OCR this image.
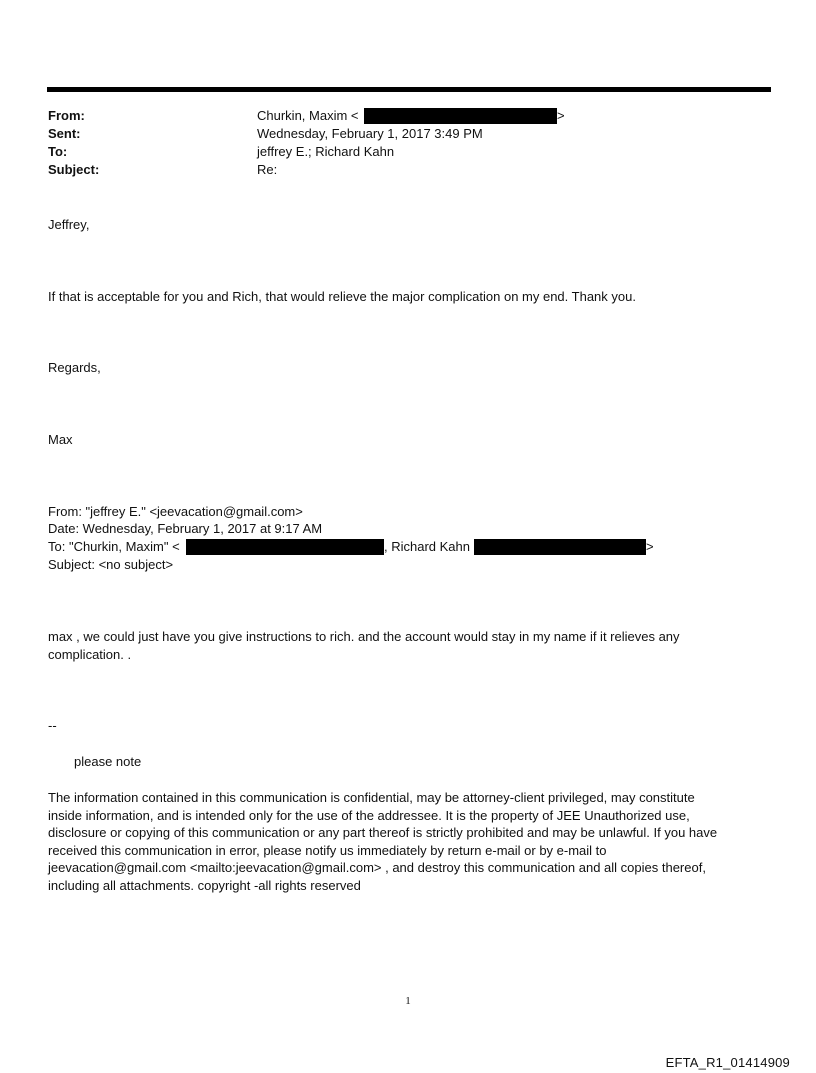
From:	Churkin, Maxim <	>
Sent:	Wednesday, February 1, 2017 3:49 PM
To:	jeffrey E.; Richard Kahn
Subject:	Re:
Jeffrey,
If that is acceptable for you and Rich, that would relieve the major complication on my end. Thank you.
Regards,
Max
From: "jeffrey E." <jeevacation@gmail.com>
Date: Wednesday, February 1, 2017 at 9:17 AM
To: "Churkin, Maxim" <	, Richard Kahn	>
Subject: <no subject>
max , we could just have you give instructions to rich. and the account would stay in my name if it relieves any
complication. .
--
please note
The information contained in this communication is confidential, may be attorney-client privileged, may constitute
inside information, and is intended only for the use of the addressee. It is the property of JEE Unauthorized use,
disclosure or copying of this communication or any part thereof is strictly prohibited and may be unlawful. If you have
received this communication in error, please notify us immediately by return e-mail or by e-mail to
jeevacation@gmail.com <mailto:jeevacation@gmail.com> , and destroy this communication and all copies thereof,
including all attachments. copyright -all rights reserved
1
EFTA_R1_01414909
